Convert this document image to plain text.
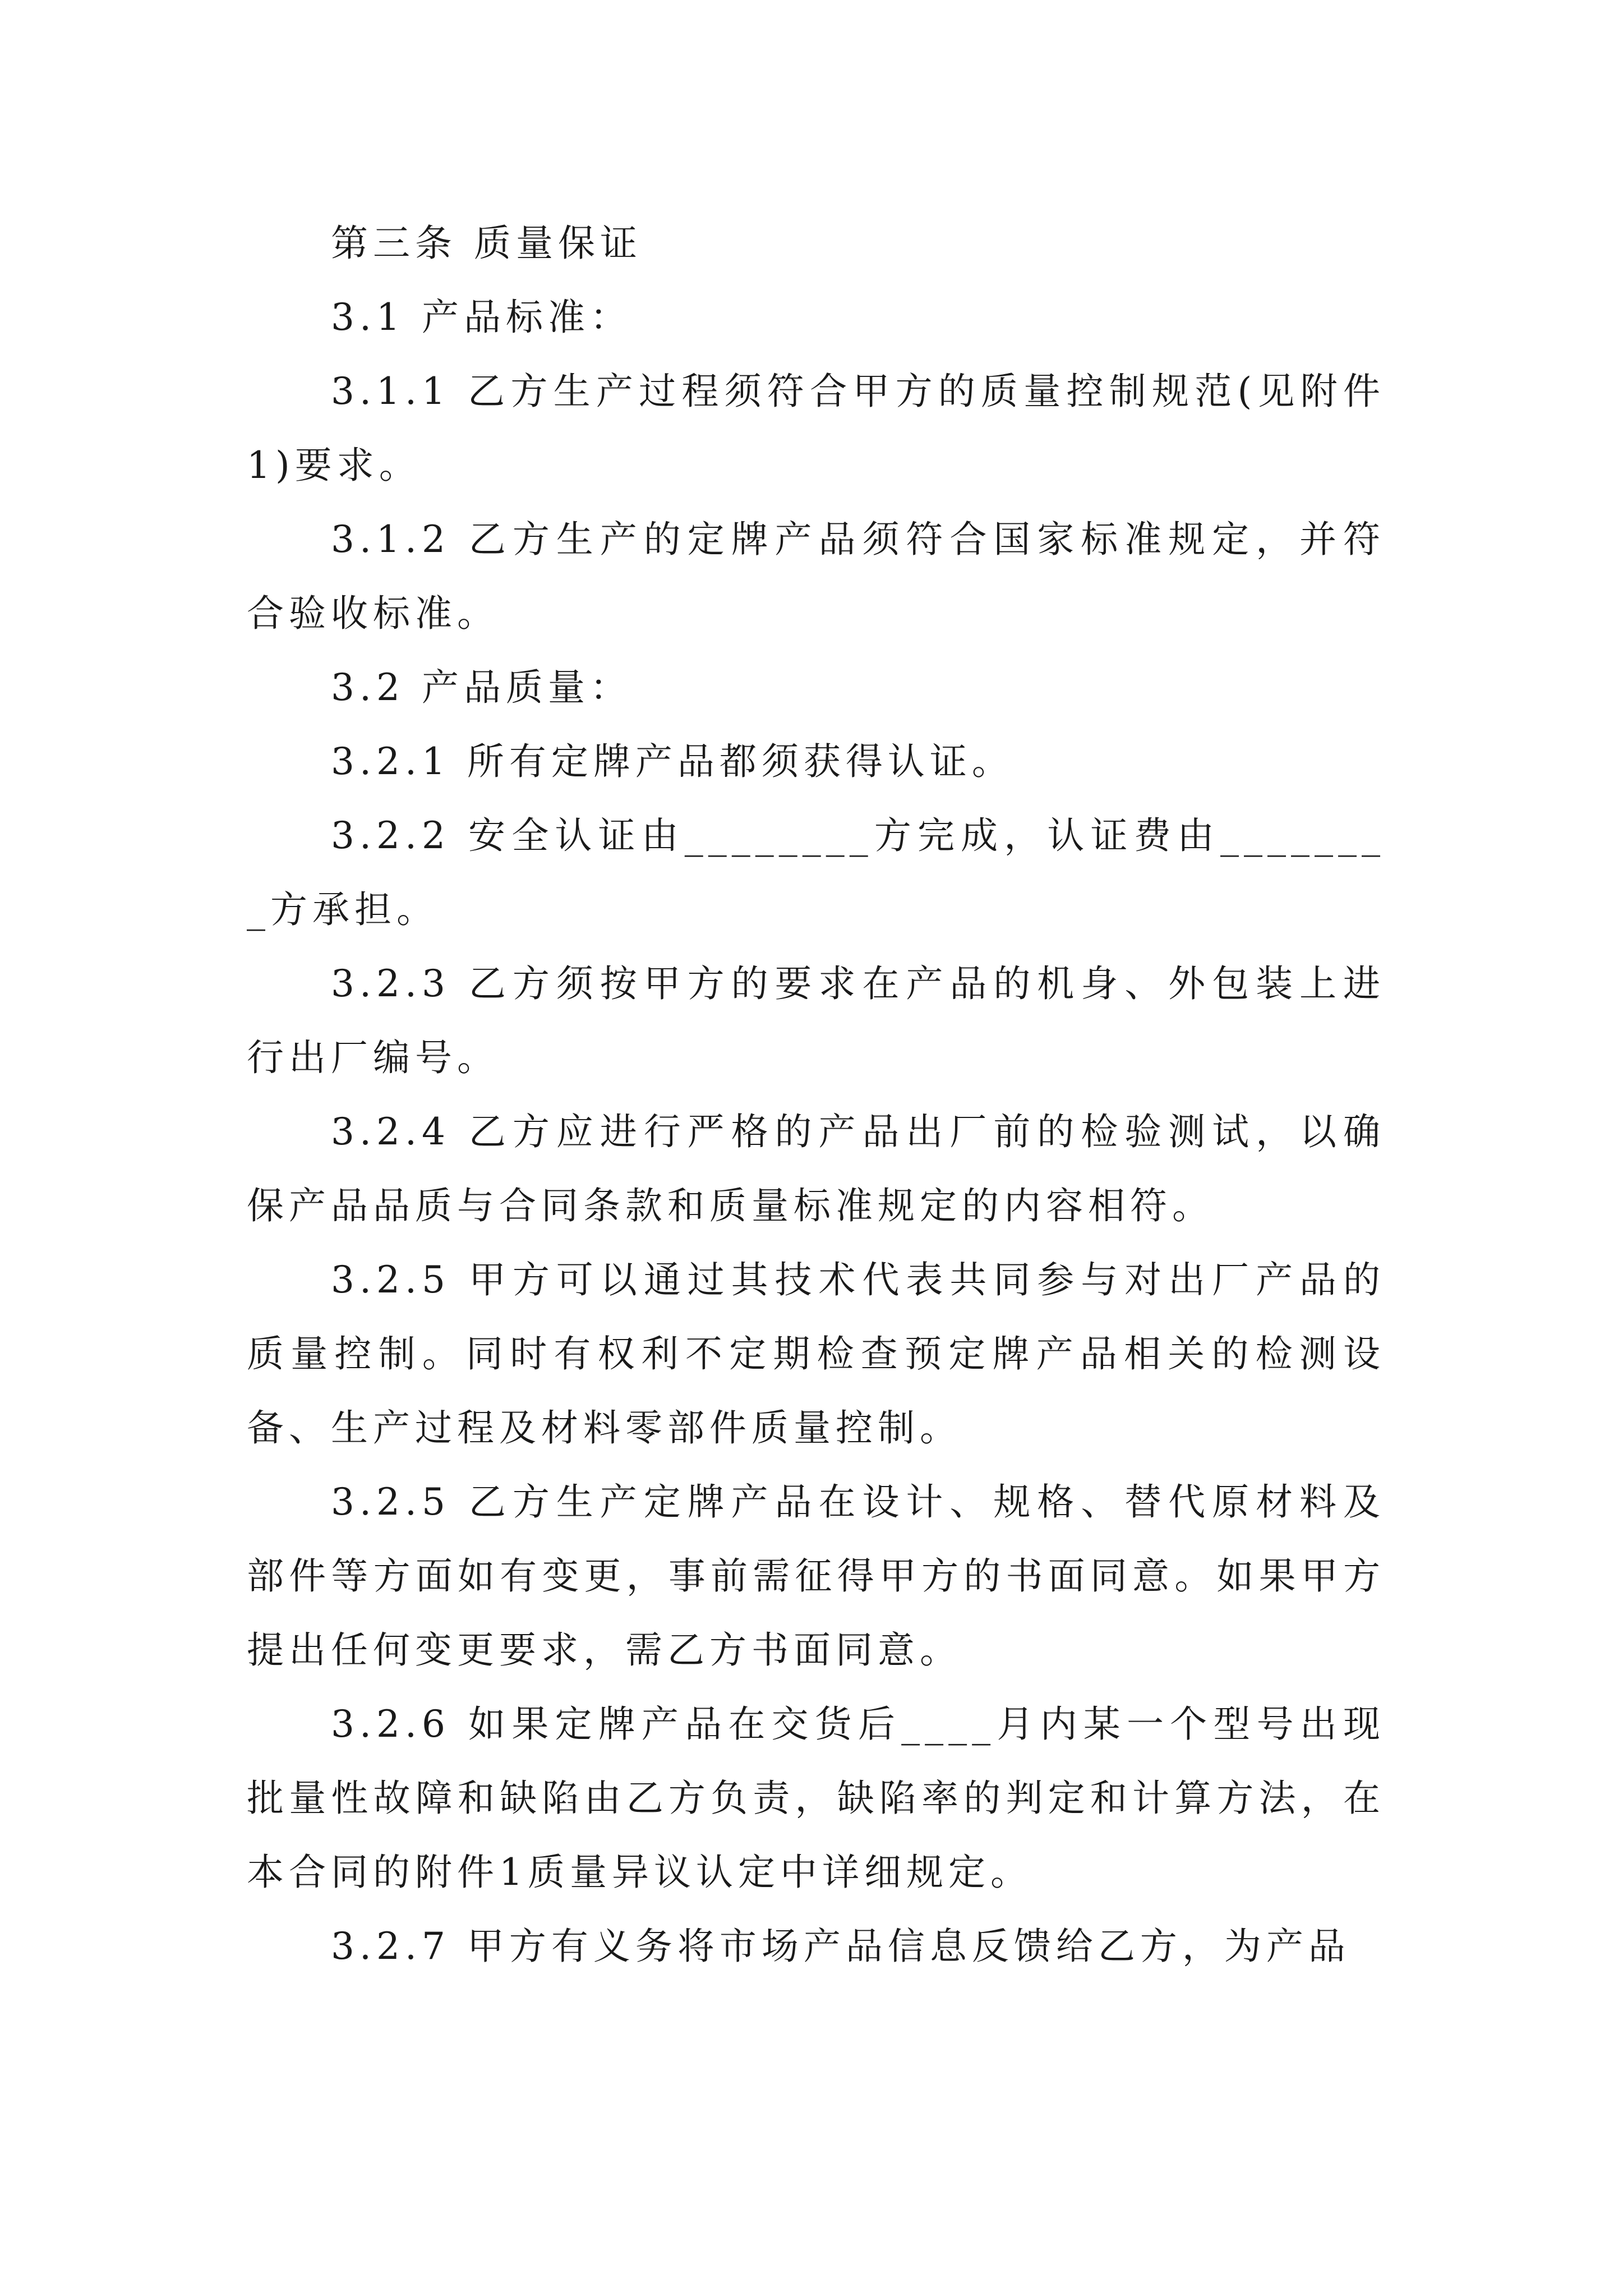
第三条 质量保证

3.1 产品标准：

3.1.1 乙方生产过程须符合甲方的质量控制规范(见附件1)要求。

3.1.2 乙方生产的定牌产品须符合国家标准规定，并符合验收标准。

3.2 产品质量：

3.2.1 所有定牌产品都须获得认证。

3.2.2 安全认证由________方完成，认证费由________方承担。

3.2.3 乙方须按甲方的要求在产品的机身、外包装上进行出厂编号。

3.2.4 乙方应进行严格的产品出厂前的检验测试，以确保产品品质与合同条款和质量标准规定的内容相符。

3.2.5 甲方可以通过其技术代表共同参与对出厂产品的质量控制。同时有权利不定期检查预定牌产品相关的检测设备、生产过程及材料零部件质量控制。

3.2.5 乙方生产定牌产品在设计、规格、替代原材料及部件等方面如有变更，事前需征得甲方的书面同意。如果甲方提出任何变更要求，需乙方书面同意。

3.2.6 如果定牌产品在交货后____月内某一个型号出现批量性故障和缺陷由乙方负责，缺陷率的判定和计算方法，在本合同的附件1质量异议认定中详细规定。

3.2.7 甲方有义务将市场产品信息反馈给乙方，为产品
